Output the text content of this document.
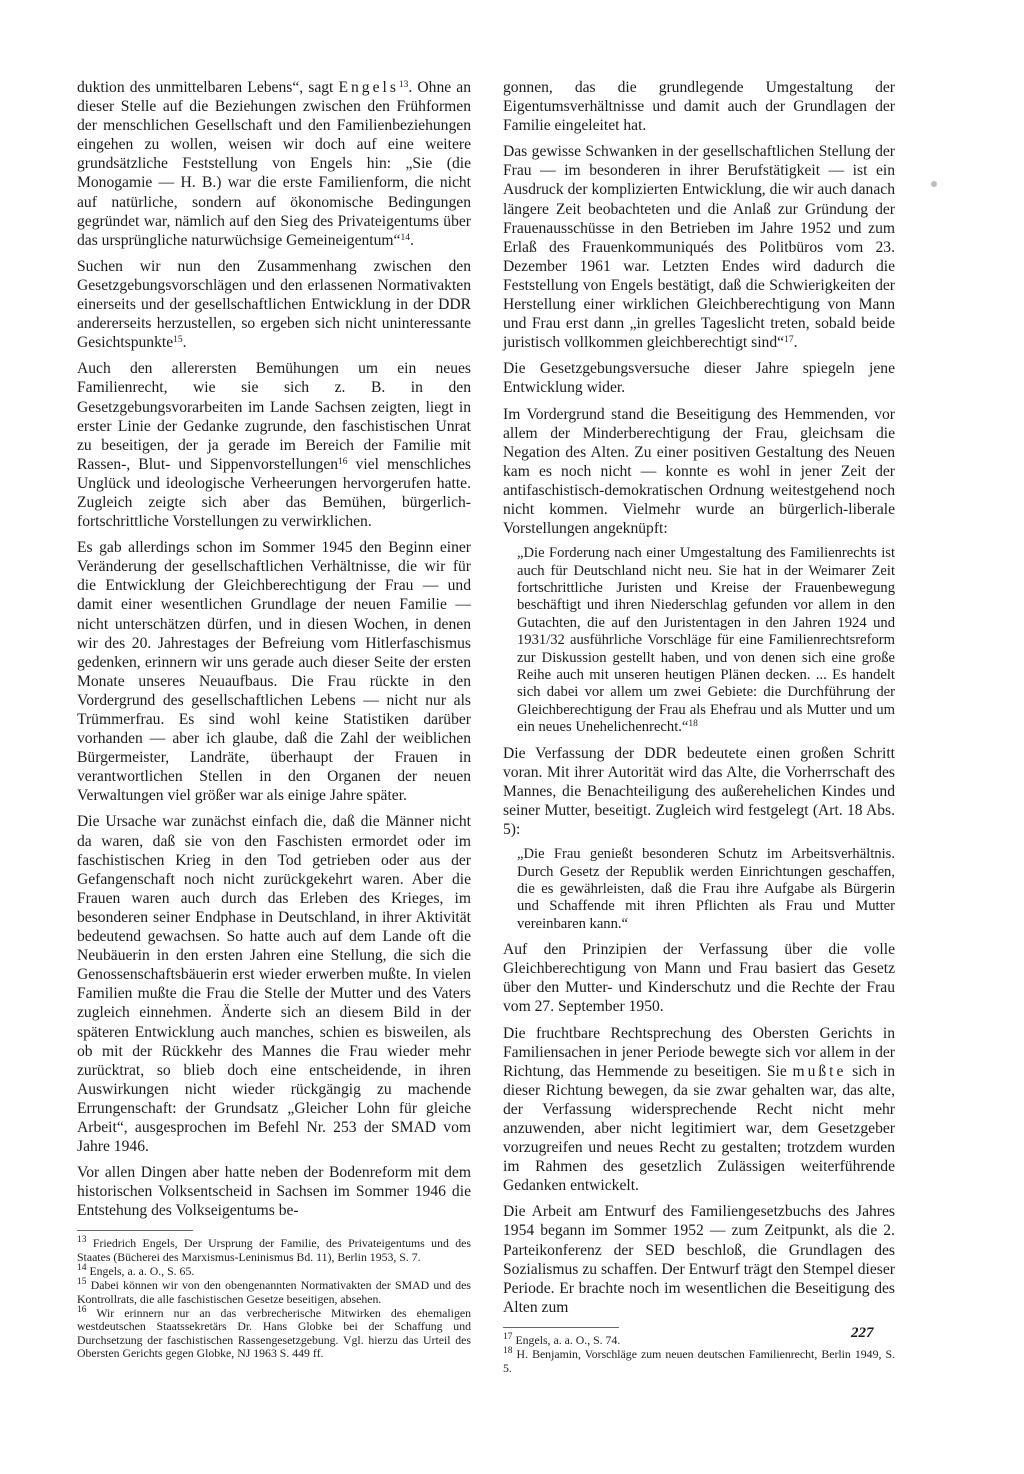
duktion des unmittelbaren Lebens“, sagt Engels$^{13}$. Ohne an dieser Stelle auf die Beziehungen zwischen den Frühformen der menschlichen Gesellschaft und den Familienbeziehungen eingehen zu wollen, weisen wir doch auf eine weitere grundsätzliche Feststellung von Engels hin: „Sie (die Monogamie — H. B.) war die erste Familienform, die nicht auf natürliche, sondern auf ökonomische Bedingungen gegründet war, nämlich auf den Sieg des Privateigentums über das ursprüngliche naturwüchsige Gemeineigentum“$^{14}$.

Suchen wir nun den Zusammenhang zwischen den Gesetzgebungsvorschlägen und den erlassenen Normativakten einerseits und der gesellschaftlichen Entwicklung in der DDR andererseits herzustellen, so ergeben sich nicht uninteressante Gesichtspunkte$^{15}$.

Auch den allerersten Bemühungen um ein neues Familienrecht, wie sie sich z. B. in den Gesetzgebungsvorarbeiten im Lande Sachsen zeigten, liegt in erster Linie der Gedanke zugrunde, den faschistischen Unrat zu beseitigen, der ja gerade im Bereich der Familie mit Rassen-, Blut- und Sippenvorstellungen$^{16}$ viel menschliches Unglück und ideologische Verheerungen hervorgerufen hatte. Zugleich zeigte sich aber das Bemühen, bürgerlich-fortschrittliche Vorstellungen zu verwirklichen.

Es gab allerdings schon im Sommer 1945 den Beginn einer Veränderung der gesellschaftlichen Verhältnisse, die wir für die Entwicklung der Gleichberechtigung der Frau — und damit einer wesentlichen Grundlage der neuen Familie — nicht unterschätzen dürfen, und in diesen Wochen, in denen wir des 20. Jahrestages der Befreiung vom Hitlerfaschismus gedenken, erinnern wir uns gerade auch dieser Seite der ersten Monate unseres Neuaufbaus. Die Frau rückte in den Vordergrund des gesellschaftlichen Lebens — nicht nur als Trümmerfrau. Es sind wohl keine Statistiken darüber vorhanden — aber ich glaube, daß die Zahl der weiblichen Bürgermeister, Landräte, überhaupt der Frauen in verantwortlichen Stellen in den Organen der neuen Verwaltungen viel größer war als einige Jahre später.

Die Ursache war zunächst einfach die, daß die Männer nicht da waren, daß sie von den Faschisten ermordet oder im faschistischen Krieg in den Tod getrieben oder aus der Gefangenschaft noch nicht zurückgekehrt waren. Aber die Frauen waren auch durch das Erleben des Krieges, im besonderen seiner Endphase in Deutschland, in ihrer Aktivität bedeutend gewachsen. So hatte auch auf dem Lande oft die Neubäuerin in den ersten Jahren eine Stellung, die sich die Genossenschaftsbäuerin erst wieder erwerben mußte. In vielen Familien mußte die Frau die Stelle der Mutter und des Vaters zugleich einnehmen. Änderte sich an diesem Bild in der späteren Entwicklung auch manches, schien es bisweilen, als ob mit der Rückkehr des Mannes die Frau wieder mehr zurücktrat, so blieb doch eine entscheidende, in ihren Auswirkungen nicht wieder rückgängig zu machende Errungenschaft: der Grundsatz „Gleicher Lohn für gleiche Arbeit“, ausgesprochen im Befehl Nr. 253 der SMAD vom Jahre 1946.

Vor allen Dingen aber hatte neben der Bodenreform mit dem historischen Volksentscheid in Sachsen im Sommer 1946 die Entstehung des Volkseigentums be-

$^{13}$ Friedrich Engels, Der Ursprung der Familie, des Privateigentums und des Staates (Bücherei des Marxismus-Leninismus Bd. 11), Berlin 1953, S. 7.

$^{14}$ Engels, a. a. O., S. 65.

$^{15}$ Dabei können wir von den obengenannten Normativakten der SMAD und des Kontrollrats, die alle faschistischen Gesetze beseitigen, absehen.

$^{16}$ Wir erinnern nur an das verbrecherische Mitwirken des ehemaligen westdeutschen Staatssekretärs Dr. Hans Globke bei der Schaffung und Durchsetzung der faschistischen Rassengesetzgebung. Vgl. hierzu das Urteil des Obersten Gerichts gegen Globke, NJ 1963 S. 449 ff.

gonnen, das die grundlegende Umgestaltung der Eigentumsverhältnisse und damit auch der Grundlagen der Familie eingeleitet hat.

Das gewisse Schwanken in der gesellschaftlichen Stellung der Frau — im besonderen in ihrer Berufstätigkeit — ist ein Ausdruck der komplizierten Entwicklung, die wir auch danach längere Zeit beobachteten und die Anlaß zur Gründung der Frauenausschüsse in den Betrieben im Jahre 1952 und zum Erlaß des Frauenkommuniqués des Politbüros vom 23. Dezember 1961 war. Letzten Endes wird dadurch die Feststellung von Engels bestätigt, daß die Schwierigkeiten der Herstellung einer wirklichen Gleichberechtigung von Mann und Frau erst dann „in grelles Tageslicht treten, sobald beide juristisch vollkommen gleichberechtigt sind“$^{17}$.

Die Gesetzgebungsversuche dieser Jahre spiegeln jene Entwicklung wider.

Im Vordergrund stand die Beseitigung des Hemmenden, vor allem der Minderberechtigung der Frau, gleichsam die Negation des Alten. Zu einer positiven Gestaltung des Neuen kam es noch nicht — konnte es wohl in jener Zeit der antifaschistisch-demokratischen Ordnung weitestgehend noch nicht kommen. Vielmehr wurde an bürgerlich-liberale Vorstellungen angeknüpft:

„Die Forderung nach einer Umgestaltung des Familienrechts ist auch für Deutschland nicht neu. Sie hat in der Weimarer Zeit fortschrittliche Juristen und Kreise der Frauenbewegung beschäftigt und ihren Niederschlag gefunden vor allem in den Gutachten, die auf den Juristentagen in den Jahren 1924 und 1931/32 ausführliche Vorschläge für eine Familienrechtsreform zur Diskussion gestellt haben, und von denen sich eine große Reihe auch mit unseren heutigen Plänen decken. ... Es handelt sich dabei vor allem um zwei Gebiete: die Durchführung der Gleichberechtigung der Frau als Ehefrau und als Mutter und um ein neues Unehelichenrecht.“$^{18}$

Die Verfassung der DDR bedeutete einen großen Schritt voran. Mit ihrer Autorität wird das Alte, die Vorherrschaft des Mannes, die Benachteiligung des außerehelichen Kindes und seiner Mutter, beseitigt. Zugleich wird festgelegt (Art. 18 Abs. 5):

„Die Frau genießt besonderen Schutz im Arbeitsverhältnis. Durch Gesetz der Republik werden Einrichtungen geschaffen, die es gewährleisten, daß die Frau ihre Aufgabe als Bürgerin und Schaffende mit ihren Pflichten als Frau und Mutter vereinbaren kann.“

Auf den Prinzipien der Verfassung über die volle Gleichberechtigung von Mann und Frau basiert das Gesetz über den Mutter- und Kinderschutz und die Rechte der Frau vom 27. September 1950.

Die fruchtbare Rechtsprechung des Obersten Gerichts in Familiensachen in jener Periode bewegte sich vor allem in der Richtung, das Hemmende zu beseitigen. Sie mußte sich in dieser Richtung bewegen, da sie zwar gehalten war, das alte, der Verfassung widersprechende Recht nicht mehr anzuwenden, aber nicht legitimiert war, dem Gesetzgeber vorzugreifen und neues Recht zu gestalten; trotzdem wurden im Rahmen des gesetzlich Zulässigen weiterführende Gedanken entwickelt.

Die Arbeit am Entwurf des Familiengesetzbuchs des Jahres 1954 begann im Sommer 1952 — zum Zeitpunkt, als die 2. Parteikonferenz der SED beschloß, die Grundlagen des Sozialismus zu schaffen. Der Entwurf trägt den Stempel dieser Periode. Er brachte noch im wesentlichen die Beseitigung des Alten zum

$^{17}$ Engels, a. a. O., S. 74.

$^{18}$ H. Benjamin, Vorschläge zum neuen deutschen Familienrecht, Berlin 1949, S. 5.

227
